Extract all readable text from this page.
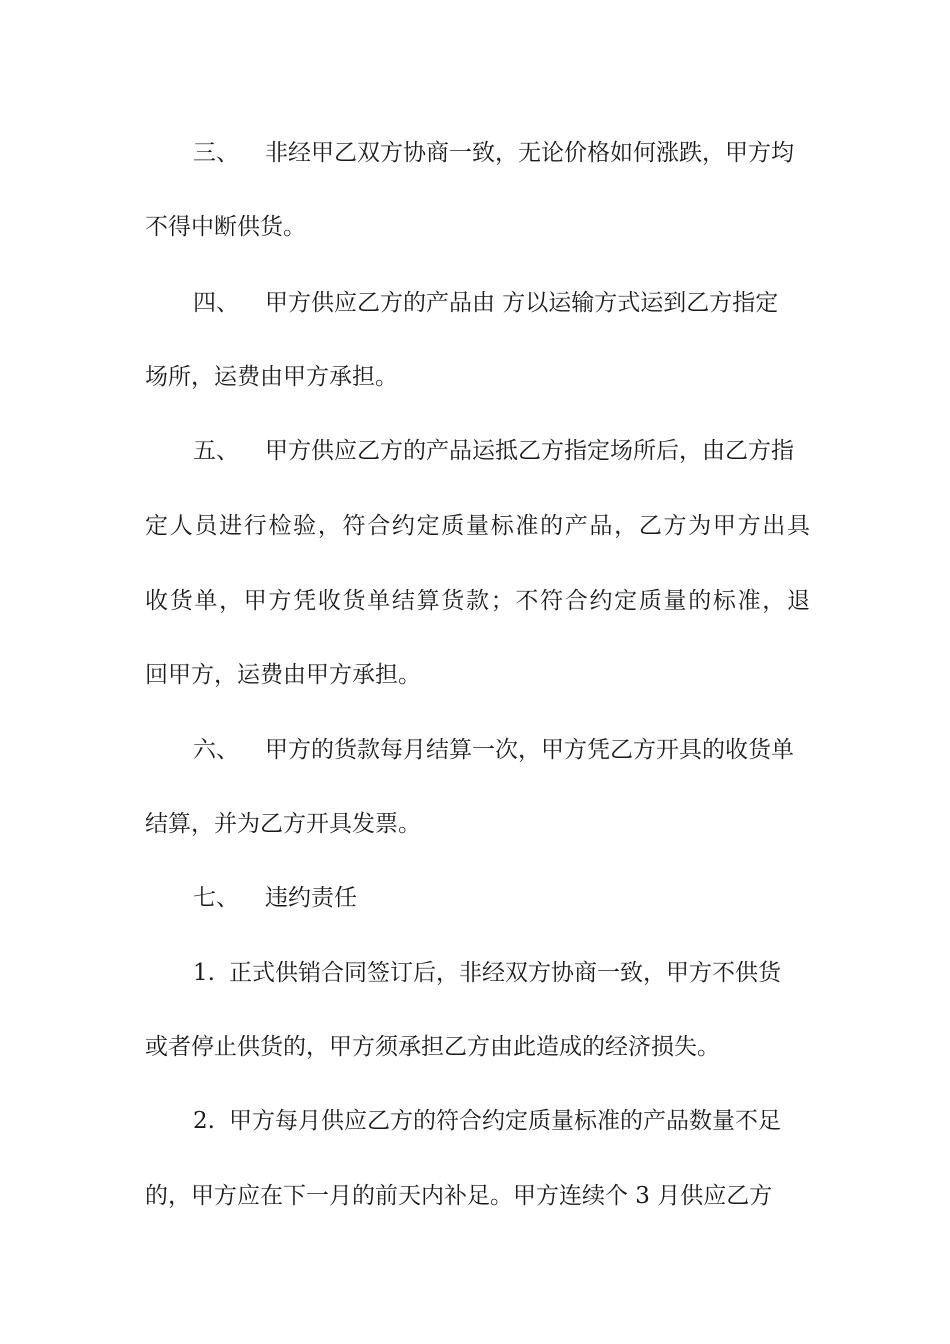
三、 非经甲乙双方协商一致，无论价格如何涨跌，甲方均
不得中断供货。
四、 甲方供应乙方的产品由 方以运输方式运到乙方指定
场所，运费由甲方承担。
五、 甲方供应乙方的产品运抵乙方指定场所后，由乙方指
定人员进行检验，符合约定质量标准的产品，乙方为甲方出具
收货单，甲方凭收货单结算货款；不符合约定质量的标准，退
回甲方，运费由甲方承担。
六、 甲方的货款每月结算一次，甲方凭乙方开具的收货单
结算，并为乙方开具发票。
七、 违约责任
1. 正式供销合同签订后，非经双方协商一致，甲方不供货
或者停止供货的，甲方须承担乙方由此造成的经济损失。
2. 甲方每月供应乙方的符合约定质量标准的产品数量不足
的，甲方应在下一月的前天内补足。甲方连续个 3 月供应乙方
